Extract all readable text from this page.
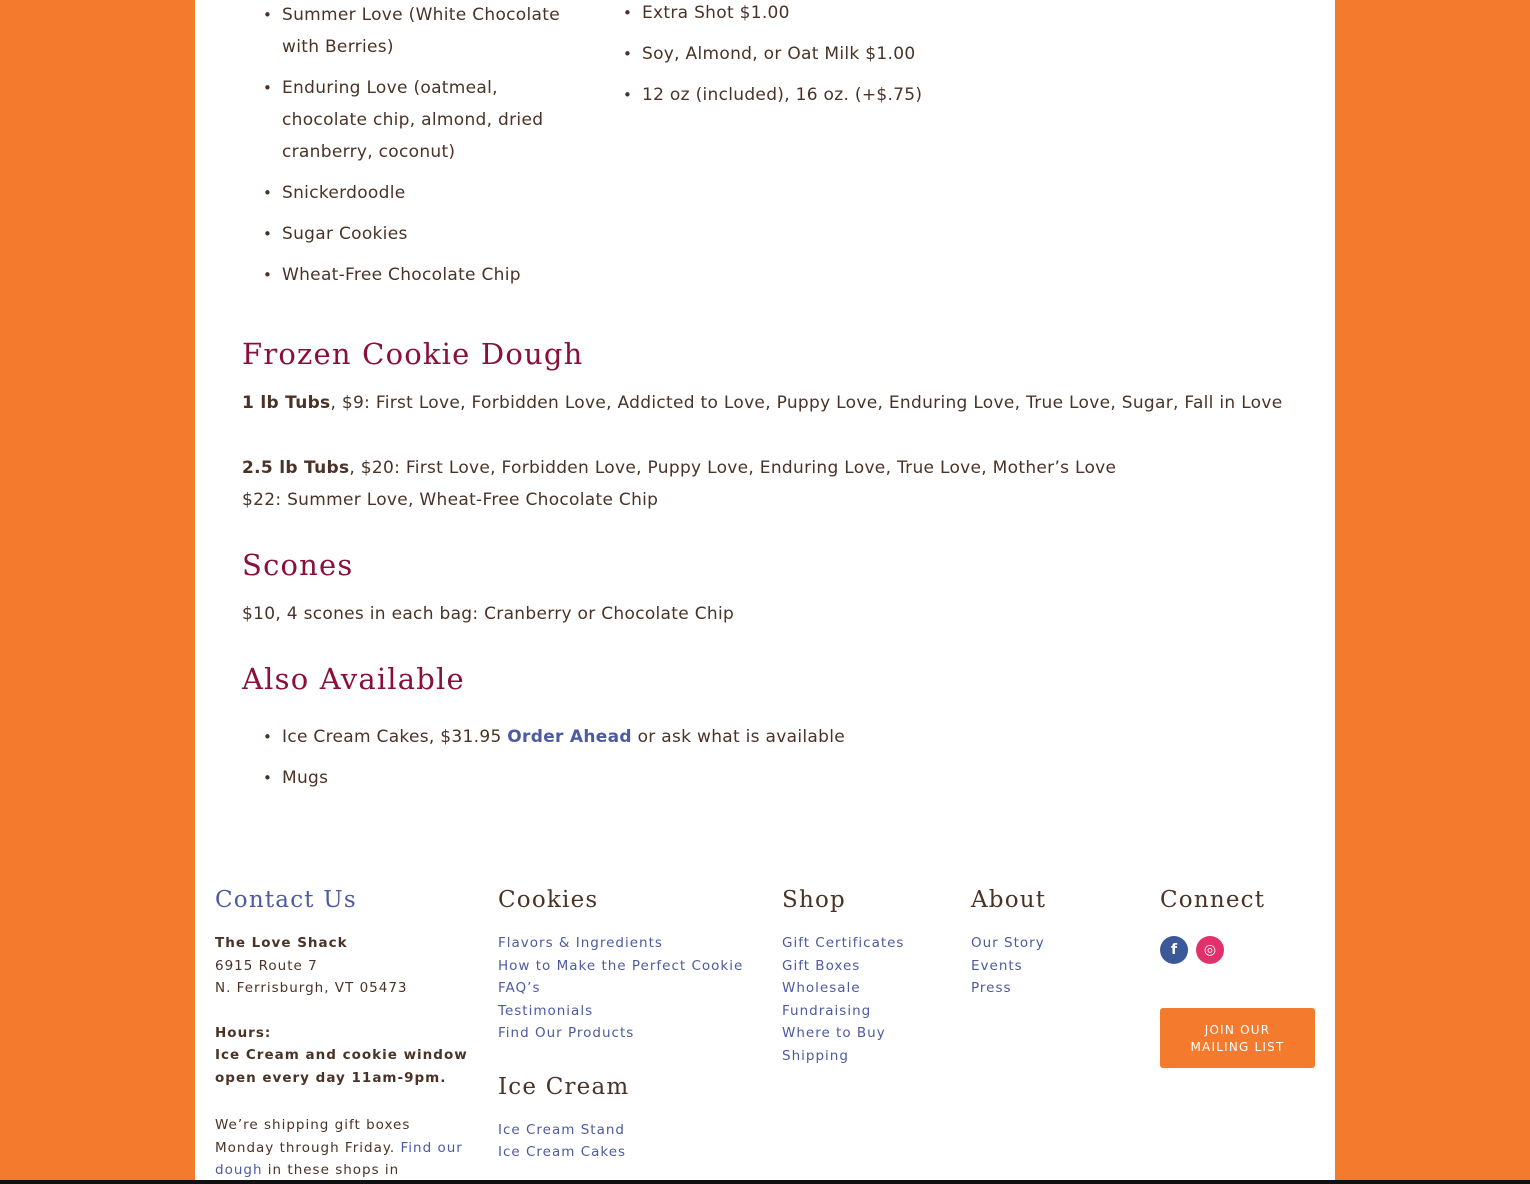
• Summer Love (White Chocolate with Berries)
• Enduring Love (oatmeal, chocolate chip, almond, dried cranberry, coconut)
• Snickerdoodle
• Sugar Cookies
• Wheat-Free Chocolate Chip
• Extra Shot $1.00
• Soy, Almond, or Oat Milk $1.00
• 12 oz (included), 16 oz. (+$.75)
Frozen Cookie Dough

1 lb Tubs, $9: First Love, Forbidden Love, Addicted to Love, Puppy Love, Enduring Love, True Love, Sugar, Fall in Love

2.5 lb Tubs, $20: First Love, Forbidden Love, Puppy Love, Enduring Love, True Love, Mother’s Love

$22: Summer Love, Wheat-Free Chocolate Chip

Scones

$10, 4 scones in each bag: Cranberry or Chocolate Chip

Also Available
• Ice Cream Cakes, $31.95 Order Ahead or ask what is available
• Mugs
Contact Us
The Love Shack
6915 Route 7
N. Ferrisburgh, VT 05473
Hours:
Ice Cream and cookie window
open every day 11am-9pm.
We’re shipping gift boxes
Monday through Friday. Find our
dough in these shops in
Cookies
Flavors & Ingredients
How to Make the Perfect Cookie
FAQ’s
Testimonials
Find Our Products
Ice Cream
Ice Cream Stand
Ice Cream Cakes
Shop
Gift Certificates
Gift Boxes
Wholesale
Fundraising
Where to Buy
Shipping
About
Our Story
Events
Press
Connect
f	◎
JOIN OUR
MAILING LIST
